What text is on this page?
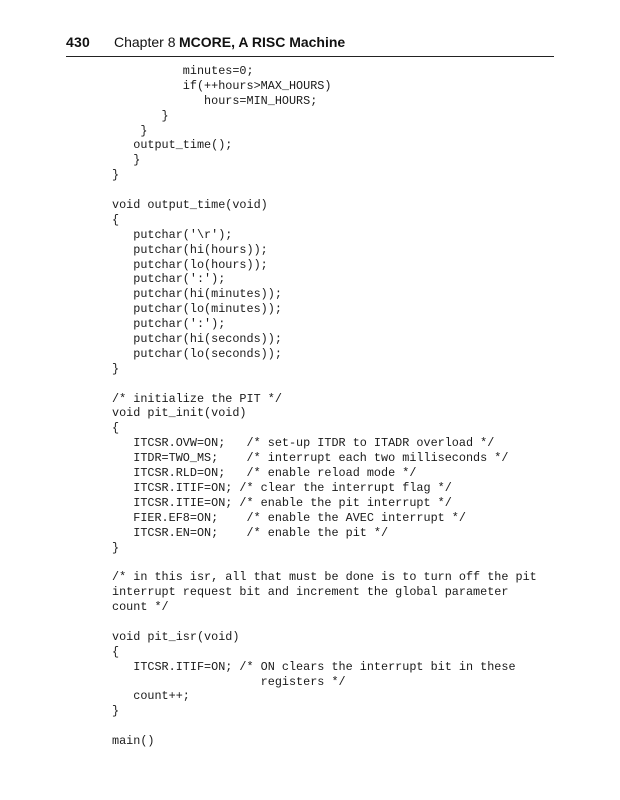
430 Chapter 8 MCORE, A RISC Machine
minutes=0;
if(++hours>MAX_HOURS)
hours=MIN_HOURS;
}
}
output_time();
}
}
void output_time(void)
{
putchar('\r');
putchar(hi(hours));
putchar(lo(hours));
putchar(':');
putchar(hi(minutes));
putchar(lo(minutes));
putchar(':');
putchar(hi(seconds));
putchar(lo(seconds));
}
/* initialize the PIT */
void pit_init(void)
{
ITCSR.OVW=ON;   /* set-up ITDR to ITADR overload */
ITDR=TWO_MS;    /* interrupt each two milliseconds */
ITCSR.RLD=ON;   /* enable reload mode */
ITCSR.ITIF=ON; /* clear the interrupt flag */
ITCSR.ITIE=ON; /* enable the pit interrupt */
FIER.EF8=ON;    /* enable the AVEC interrupt */
ITCSR.EN=ON;    /* enable the pit */
}
/* in this isr, all that must be done is to turn off the pit
interrupt request bit and increment the global parameter
count */
void pit_isr(void)
{
ITCSR.ITIF=ON; /* ON clears the interrupt bit in these
registers */
count++;
}
main()
